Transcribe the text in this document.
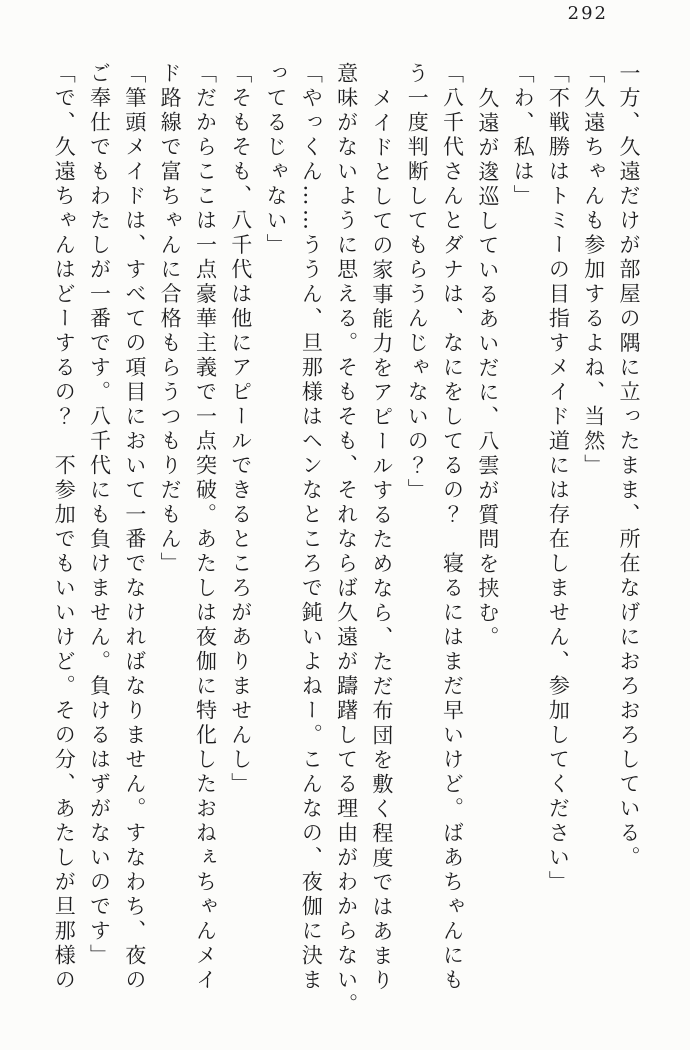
292
一方、久遠だけが部屋の隅に立ったまま、所在なげにおろおろしている。
「久遠ちゃんも参加するよね、当然」
「不戦勝はトミーの目指すメイド道には存在しません、参加してください」
「わ、私は」
久遠が逡巡しているあいだに、八雲が質問を挟む。
「八千代さんとダナは、なにをしてるの？　寝るにはまだ早いけど。ばあちゃんにも
う一度判断してもらうんじゃないの？」
メイドとしての家事能力をアピールするためなら、ただ布団を敷く程度ではあまり
意味がないように思える。そもそも、それならば久遠が躊躇してる理由がわからない。
「やっくん……ううん、旦那様はヘンなところで鈍いよねー。こんなの、夜伽に決ま
ってるじゃない」
「そもそも、八千代は他にアピールできるところがありませんし」
「だからここは一点豪華主義で一点突破。あたしは夜伽に特化したおねぇちゃんメイ
ド路線で富ちゃんに合格もらうつもりだもん」
「筆頭メイドは、すべての項目において一番でなければなりません。すなわち、夜の
ご奉仕でもわたしが一番です。八千代にも負けません。負けるはずがないのです」
「で、久遠ちゃんはどーするの？　不参加でもいいけど。その分、あたしが旦那様の
